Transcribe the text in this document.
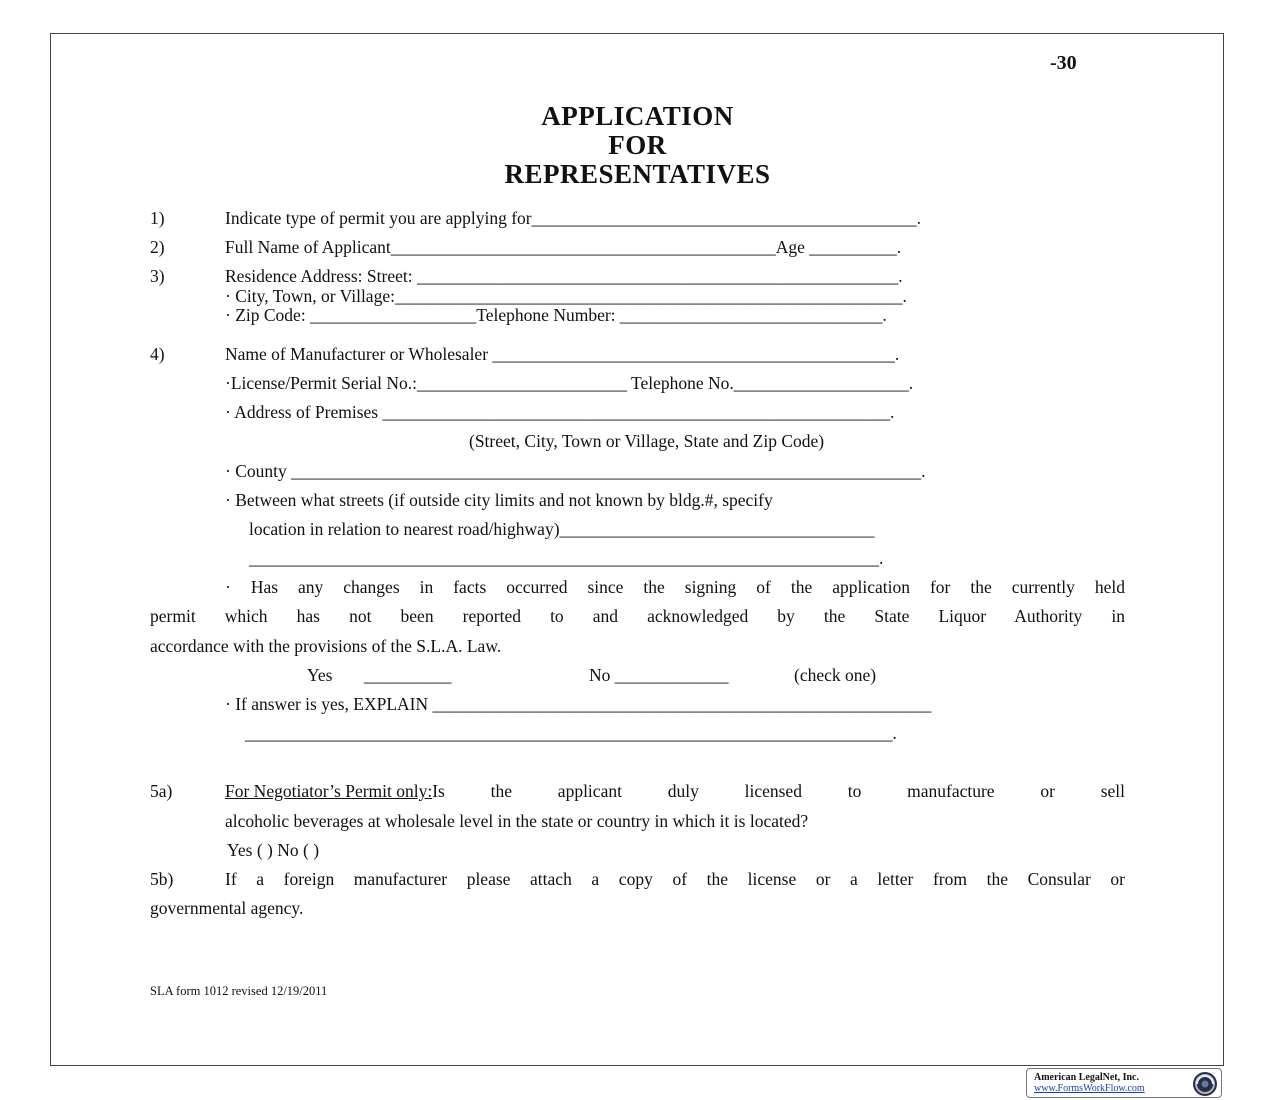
-30
APPLICATION
FOR
REPRESENTATIVES
1)	Indicate type of permit you are applying for____________________________________________.
2)	Full Name of Applicant____________________________________________Age __________.
3)	Residence Address: Street: _______________________________________________________.
· City, Town, or Village:__________________________________________________________.
· Zip Code: ___________________Telephone Number: ______________________________.
4)	Name of Manufacturer or Wholesaler ______________________________________________.
·License/Permit Serial No.:________________________ Telephone No.____________________.
· Address of Premises __________________________________________________________.
(Street, City, Town or Village, State and Zip Code)
· County ________________________________________________________________________.
· Between what streets (if outside city limits and not known by bldg.#, specify
location in relation to nearest road/highway)____________________________________
________________________________________________________________________.
· Has any changes in facts occurred since the signing of the application for the currently held
permit which has not been reported to and acknowledged by the State Liquor Authority in
accordance with the provisions of the S.L.A. Law.
Yes __________	No _____________	(check one)
· If answer is yes, EXPLAIN _________________________________________________________
__________________________________________________________________________.
5a)	For Negotiator’s Permit only: Is the applicant duly licensed to manufacture or sell
alcoholic beverages at wholesale level in the state or country in which it is located?
Yes ( ) No ( )
5b)	If a foreign manufacturer please attach a copy of the license or a letter from the Consular or
governmental agency.
SLA form 1012 revised 12/19/2011
American LegalNet, Inc.
www.FormsWorkFlow.com
